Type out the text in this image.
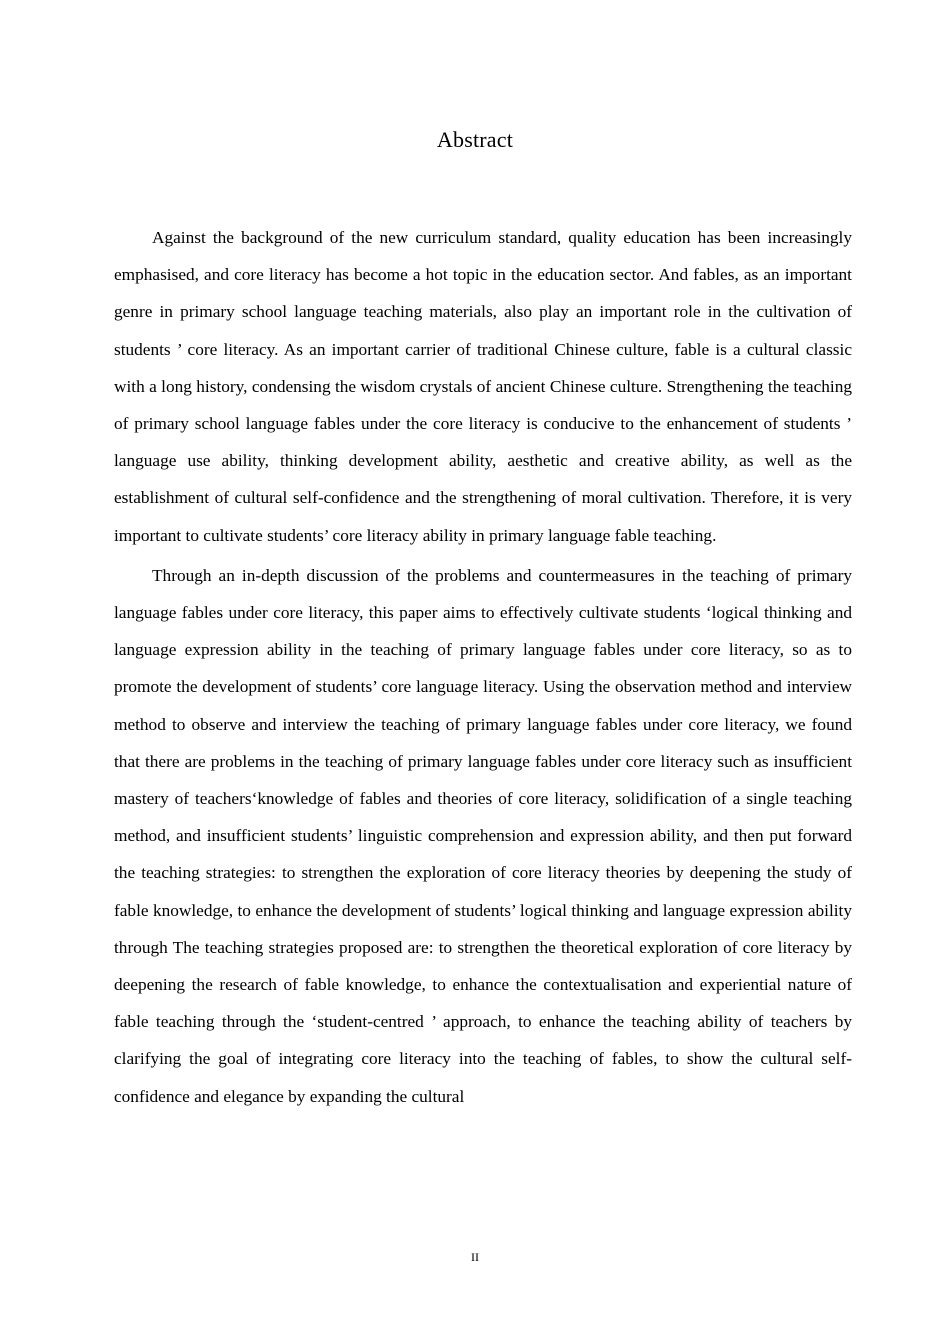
Abstract

Against the background of the new curriculum standard, quality education has been increasingly emphasised, and core literacy has become a hot topic in the education sector. And fables, as an important genre in primary school language teaching materials, also play an important role in the cultivation of students ’ core literacy. As an important carrier of traditional Chinese culture, fable is a cultural classic with a long history, condensing the wisdom crystals of ancient Chinese culture. Strengthening the teaching of primary school language fables under the core literacy is conducive to the enhancement of students ’ language use ability, thinking development ability, aesthetic and creative ability, as well as the establishment of cultural self-confidence and the strengthening of moral cultivation. Therefore, it is very important to cultivate students’ core literacy ability in primary language fable teaching.

Through an in-depth discussion of the problems and countermeasures in the teaching of primary language fables under core literacy, this paper aims to effectively cultivate students ‘logical thinking and language expression ability in the teaching of primary language fables under core literacy, so as to promote the development of students’ core language literacy. Using the observation method and interview method to observe and interview the teaching of primary language fables under core literacy, we found that there are problems in the teaching of primary language fables under core literacy such as insufficient mastery of teachers‘knowledge of fables and theories of core literacy, solidification of a single teaching method, and insufficient students’ linguistic comprehension and expression ability, and then put forward the teaching strategies: to strengthen the exploration of core literacy theories by deepening the study of fable knowledge, to enhance the development of students’ logical thinking and language expression ability through The teaching strategies proposed are: to strengthen the theoretical exploration of core literacy by deepening the research of fable knowledge, to enhance the contextualisation and experiential nature of fable teaching through the ‘student-centred ’ approach, to enhance the teaching ability of teachers by clarifying the goal of integrating core literacy into the teaching of fables, to show the cultural self-confidence and elegance by expanding the cultural

II
